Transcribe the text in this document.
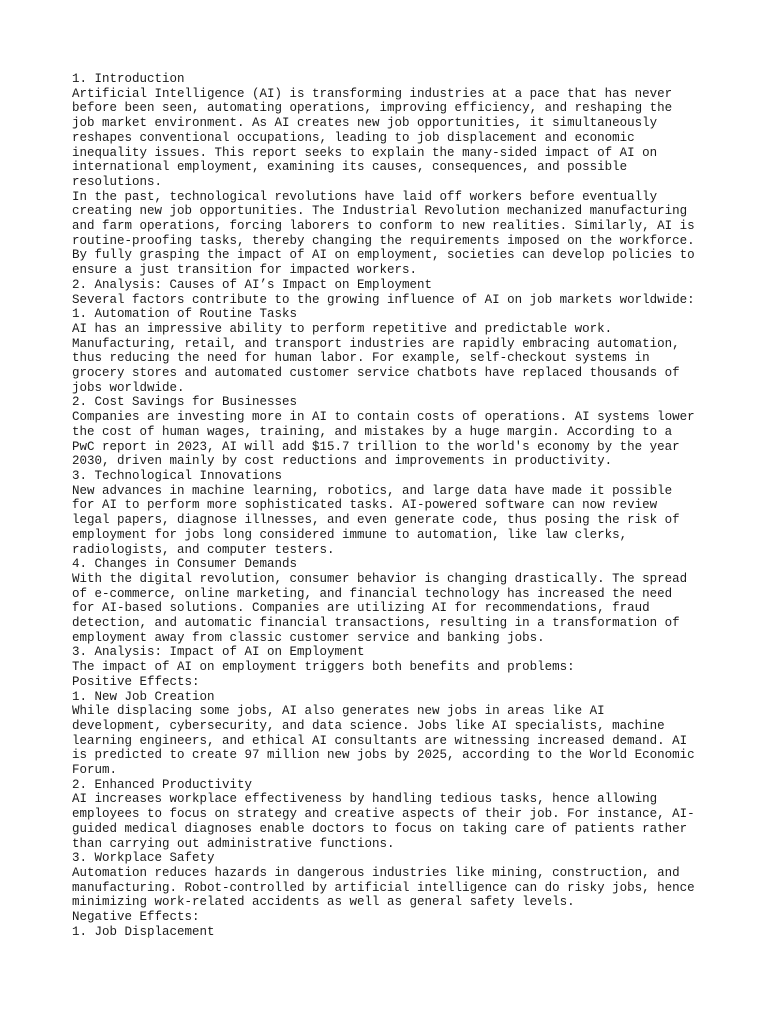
1. Introduction

Artificial Intelligence (AI) is transforming industries at a pace that has never

before been seen, automating operations, improving efficiency, and reshaping the

job market environment. As AI creates new job opportunities, it simultaneously

reshapes conventional occupations, leading to job displacement and economic

inequality issues. This report seeks to explain the many-sided impact of AI on

international employment, examining its causes, consequences, and possible

resolutions.

In the past, technological revolutions have laid off workers before eventually

creating new job opportunities. The Industrial Revolution mechanized manufacturing

and farm operations, forcing laborers to conform to new realities. Similarly, AI is

routine-proofing tasks, thereby changing the requirements imposed on the workforce.

By fully grasping the impact of AI on employment, societies can develop policies to

ensure a just transition for impacted workers.

2. Analysis: Causes of AI’s Impact on Employment

Several factors contribute to the growing influence of AI on job markets worldwide:

1. Automation of Routine Tasks

AI has an impressive ability to perform repetitive and predictable work.

Manufacturing, retail, and transport industries are rapidly embracing automation,

thus reducing the need for human labor. For example, self-checkout systems in

grocery stores and automated customer service chatbots have replaced thousands of

jobs worldwide.

2. Cost Savings for Businesses

Companies are investing more in AI to contain costs of operations. AI systems lower

the cost of human wages, training, and mistakes by a huge margin. According to a

PwC report in 2023, AI will add $15.7 trillion to the world's economy by the year

2030, driven mainly by cost reductions and improvements in productivity.

3. Technological Innovations

New advances in machine learning, robotics, and large data have made it possible

for AI to perform more sophisticated tasks. AI-powered software can now review

legal papers, diagnose illnesses, and even generate code, thus posing the risk of

employment for jobs long considered immune to automation, like law clerks,

radiologists, and computer testers.

4. Changes in Consumer Demands

With the digital revolution, consumer behavior is changing drastically. The spread

of e-commerce, online marketing, and financial technology has increased the need

for AI-based solutions. Companies are utilizing AI for recommendations, fraud

detection, and automatic financial transactions, resulting in a transformation of

employment away from classic customer service and banking jobs.

3. Analysis: Impact of AI on Employment

The impact of AI on employment triggers both benefits and problems:

Positive Effects:

1. New Job Creation

While displacing some jobs, AI also generates new jobs in areas like AI

development, cybersecurity, and data science. Jobs like AI specialists, machine

learning engineers, and ethical AI consultants are witnessing increased demand. AI

is predicted to create 97 million new jobs by 2025, according to the World Economic

Forum.

2. Enhanced Productivity

AI increases workplace effectiveness by handling tedious tasks, hence allowing

employees to focus on strategy and creative aspects of their job. For instance, AI-

guided medical diagnoses enable doctors to focus on taking care of patients rather

than carrying out administrative functions.

3. Workplace Safety

Automation reduces hazards in dangerous industries like mining, construction, and

manufacturing. Robot-controlled by artificial intelligence can do risky jobs, hence

minimizing work-related accidents as well as general safety levels.

Negative Effects:

1. Job Displacement
